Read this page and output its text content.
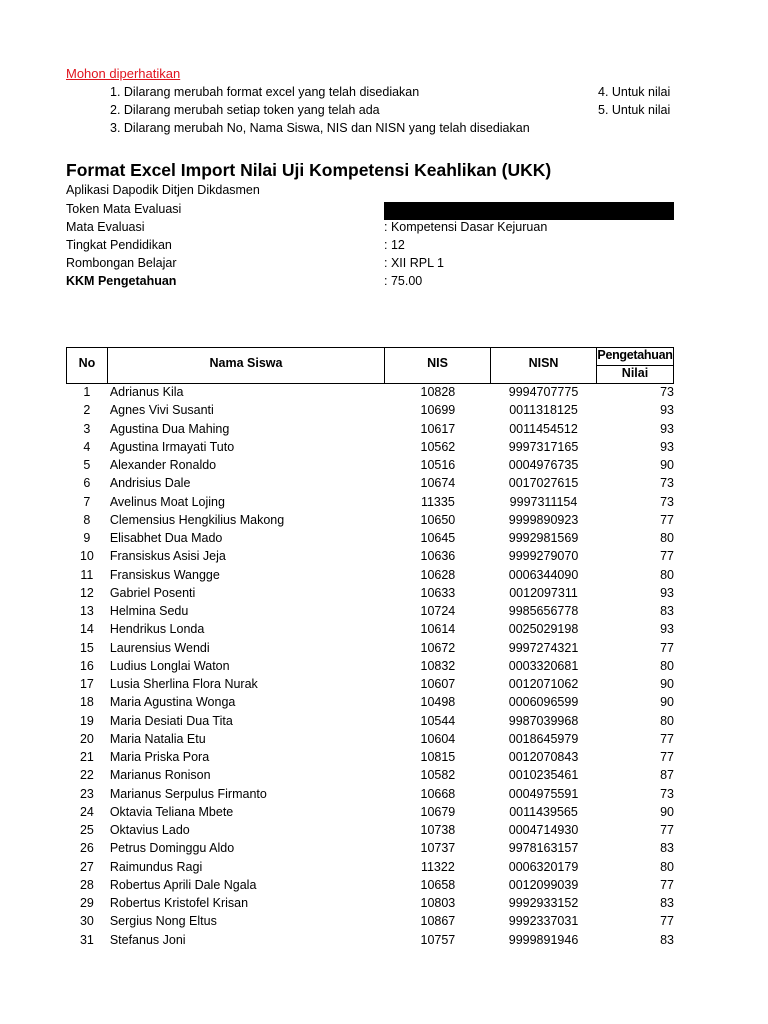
Mohon diperhatikan
1. Dilarang merubah format excel yang telah disediakan
2. Dilarang merubah setiap token yang telah ada
3. Dilarang merubah No, Nama Siswa, NIS dan NISN yang telah disediakan
4. Untuk nilai
5. Untuk nilai
Format Excel Import Nilai Uji Kompetensi Keahlikan (UKK)
Aplikasi Dapodik Ditjen Dikdasmen
Token Mata Evaluasi
Mata Evaluasi	: Kompetensi Dasar Kejuruan
Tingkat Pendidikan	: 12
Rombongan Belajar	: XII RPL 1
KKM Pengetahuan	: 75.00
No	Nama Siswa	NIS	NISN
Pengetahuan
Nilai
1	Adrianus Kila	10828	9994707775	73
2	Agnes Vivi Susanti	10699	0011318125	93
3	Agustina Dua Mahing	10617	0011454512	93
4	Agustina Irmayati Tuto	10562	9997317165	93
5	Alexander Ronaldo	10516	0004976735	90
6	Andrisius Dale	10674	0017027615	73
7	Avelinus Moat Lojing	11335	9997311154	73
8	Clemensius Hengkilius Makong	10650	9999890923	77
9	Elisabhet Dua Mado	10645	9992981569	80
10	Fransiskus Asisi Jeja	10636	9999279070	77
11	Fransiskus Wangge	10628	0006344090	80
12	Gabriel Posenti	10633	0012097311	93
13	Helmina Sedu	10724	9985656778	83
14	Hendrikus Londa	10614	0025029198	93
15	Laurensius Wendi	10672	9997274321	77
16	Ludius Longlai Waton	10832	0003320681	80
17	Lusia Sherlina Flora Nurak	10607	0012071062	90
18	Maria Agustina Wonga	10498	0006096599	90
19	Maria Desiati Dua Tita	10544	9987039968	80
20	Maria Natalia Etu	10604	0018645979	77
21	Maria Priska Pora	10815	0012070843	77
22	Marianus Ronison	10582	0010235461	87
23	Marianus Serpulus Firmanto	10668	0004975591	73
24	Oktavia Teliana Mbete	10679	0011439565	90
25	Oktavius Lado	10738	0004714930	77
26	Petrus Dominggu Aldo	10737	9978163157	83
27	Raimundus Ragi	11322	0006320179	80
28	Robertus Aprili Dale Ngala	10658	0012099039	77
29	Robertus Kristofel Krisan	10803	9992933152	83
30	Sergius Nong Eltus	10867	9992337031	77
31	Stefanus Joni	10757	9999891946	83
